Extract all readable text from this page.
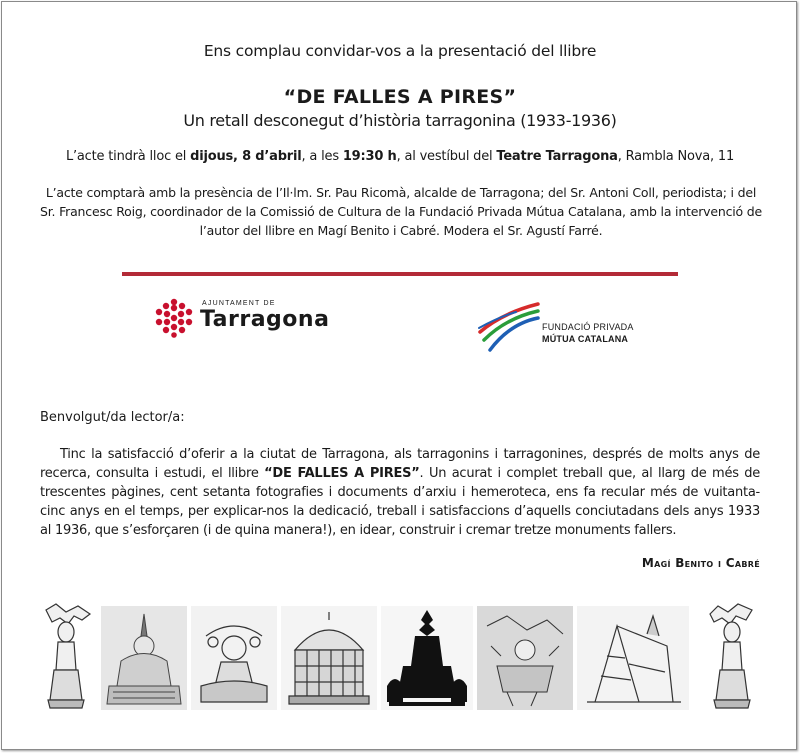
Ens complau convidar-vos a la presentació del llibre
“DE FALLES A PIRES”
Un retall desconegut d’història tarragonina (1933-1936)
L’acte tindrà lloc el dijous, 8 d’abril, a les 19:30 h, al vestíbul del Teatre Tarragona, Rambla Nova, 11
L’acte comptarà amb la presència de l’Il·lm. Sr. Pau Ricomà, alcalde de Tarragona; del Sr. Antoni Coll, periodista; i del Sr. Francesc Roig, coordinador de la Comissió de Cultura de la Fundació Privada Mútua Catalana, amb la intervenció de l’autor del llibre en Magí Benito i Cabré. Modera el Sr. Agustí Farré.
AJUNTAMENT DE
Tarragona	FUNDACIÓ PRIVADA
MÚTUA CATALANA
Benvolgut/da lector/a:
Tinc la satisfacció d’oferir a la ciutat de Tarragona, als tarragonins i tarragonines, després de molts anys de recerca, consulta i estudi, el llibre “DE FALLES A PIRES”. Un acurat i complet treball que, al llarg de més de trescentes pàgines, cent setanta fotografies i documents d’arxiu i hemeroteca, ens fa recular més de vuitanta-cinc anys en el temps, per explicar-nos la dedicació, treball i satisfaccions d’aquells conciutadans dels anys 1933 al 1936, que s’esforçaren (i de quina manera!), en idear, construir i cremar tretze monuments fallers.
Magí Benito i Cabré
